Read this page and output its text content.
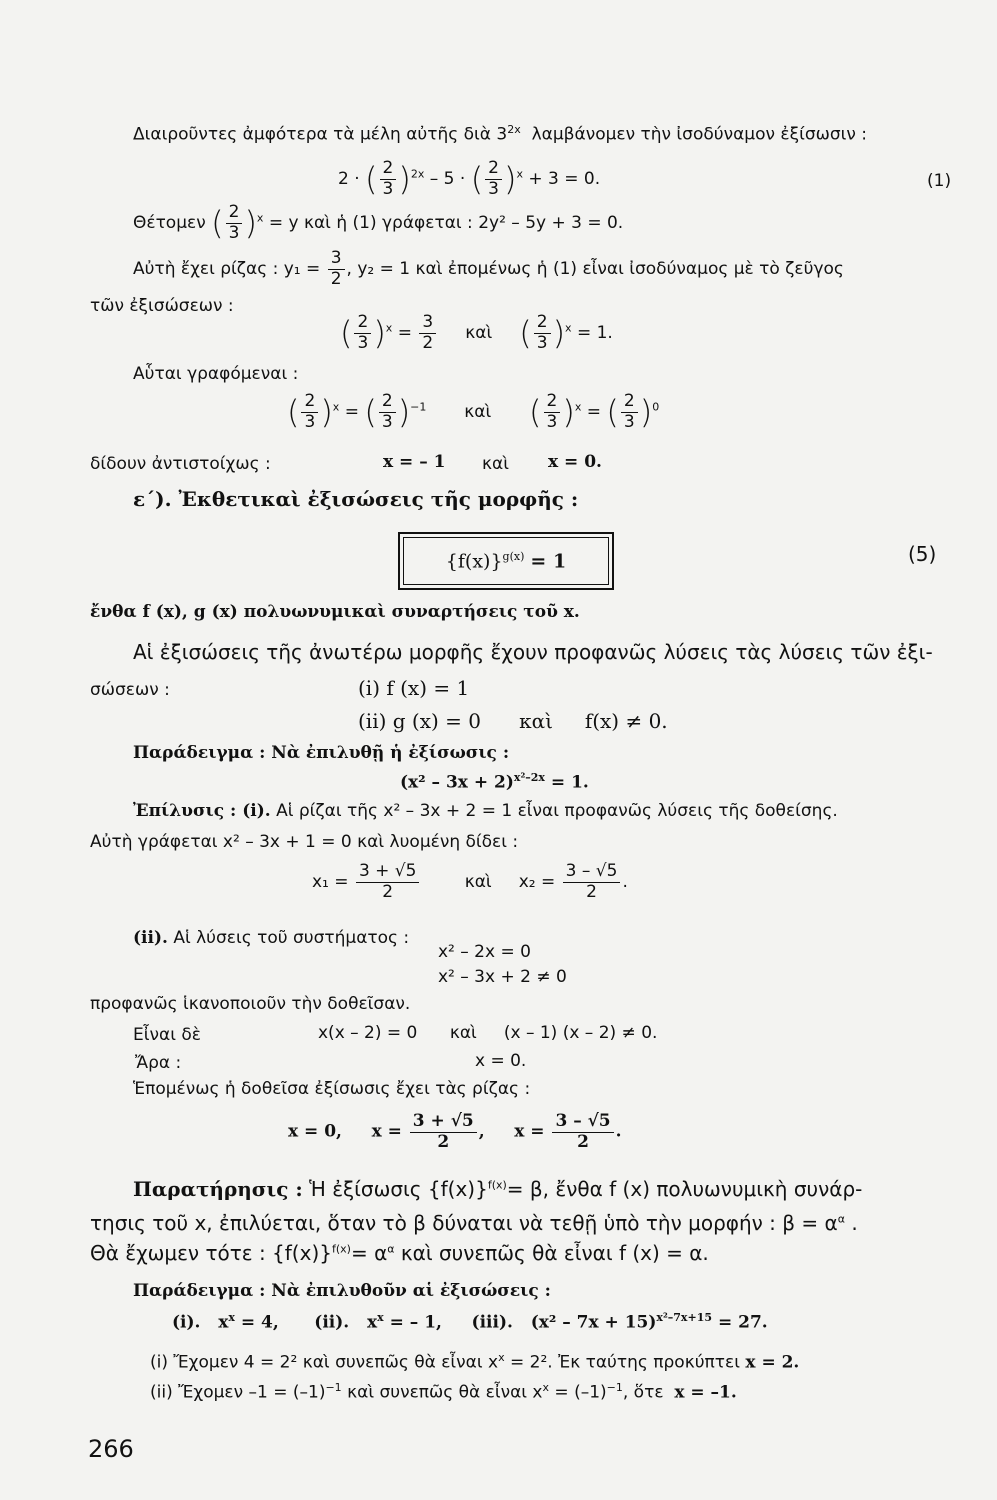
Διαιροῦντες ἀμφότερα τὰ μέλη αὐτῆς διὰ $3^{2x}$ λαμβάνομεν τὴν ἰσοδύναμον ἐξίσωσιν :
2 · ( $\frac{2}{3} )^{2x} - 5$ · ( $\frac{2}{3} )^x + 3 = 0$.	(1)
Θέτομεν ( $\frac{2}{3} )^x = y$ καὶ ἡ (1) γράφεται : 2y² – 5y + 3 = 0.
Αὐτὴ ἔχει ρίζας : $y_1 = \frac{3}{2}$ , y₂ = 1 καὶ ἐπομένως ἡ (1) εἶναι ἰσοδύναμος μὲ τὸ ζεῦγος
τῶν ἐξισώσεων :
( $\frac{2}{3} )^x = \frac{3}{2}$ καὶ ( $\frac{2}{3} )^x = 1$.
Αὗται γραφόμεναι :
( $\frac{2}{3} )^x$ = ( $\frac{2}{3} )^{-1}$ καὶ ( $\frac{2}{3} )^x$ = ( $\frac{2}{3} )^0$
δίδουν ἀντιστοίχως :	x = – 1 καὶ x = 0.
ε΄). Ἐκθετικαὶ ἐξισώσεις τῆς μορφῆς :
$\{f(x)\}^{g(x)} = 1$	(5)
ἔνθα f (x), g (x) πολυωνυμικαὶ συναρτήσεις τοῦ x.
Αἱ ἐξισώσεις τῆς ἀνωτέρω μορφῆς ἔχουν προφανῶς λύσεις τὰς λύσεις τῶν ἐξι-
σώσεων :	(i) f (x) = 1
(ii) g (x) = 0 καὶ f(x) ≠ 0.
Παράδειγμα : Νὰ ἐπιλυθῇ ἡ ἐξίσωσις :
$(x^2 - 3x + 2)^{x^2-2x} = 1$.
Ἐπίλυσις : (i). Αἱ ρίζαι τῆς x² – 3x + 2 = 1 εἶναι προφανῶς λύσεις τῆς δοθείσης.
Αὐτὴ γράφεται x² – 3x + 1 = 0 καὶ λυομένη δίδει :
$x_1 = \frac{3 + √5}{2}$	καὶ $x_2 = \frac{3 - √5}{2}$ .
(ii). Αἱ λύσεις τοῦ συστήματος :
x² – 2x = 0
x² – 3x + 2 ≠ 0
προφανῶς ἱκανοποιοῦν τὴν δοθεῖσαν.
Εἶναι δὲ	x(x – 2) = 0 καὶ (x – 1) (x – 2) ≠ 0.
Ἄρα :	x = 0.
Ἑπομένως ἡ δοθεῖσα ἐξίσωσις ἔχει τὰς ρίζας :
x = 0, $x = \frac{3 + √5}{2}$ , $x = \frac{3 - √5}{2}$ .
Παρατήρησις : Ἡ ἐξίσωσις $\{f(x)\}^{f(x)}= \beta$, ἔνθα f (x) πολυωνυμικὴ συνάρ-
τησις τοῦ x, ἐπιλύεται, ὅταν τὸ β δύναται νὰ τεθῇ ὑπὸ τὴν μορφήν : $\beta = \alpha^\alpha$ .
Θὰ ἔχωμεν τότε : $\{f(x)\}^{f(x)}= \alpha^\alpha$ καὶ συνεπῶς θὰ εἶναι f (x) = α.
Παράδειγμα : Νὰ ἐπιλυθοῦν αἱ ἐξισώσεις :
(i). $x^x = 4$, (ii). $x^x$ = – 1, (iii). $(x^2 - 7x + 15)^{x^2-7x+15} = 27$.
(i) Ἔχομεν 4 = 2² καὶ συνεπῶς θὰ εἶναι $x^x = 2^2$. Ἐκ ταύτης προκύπτει x = 2.
(ii) Ἔχομεν $-1 = (-1)^{-1}$ καὶ συνεπῶς θὰ εἶναι $x^x = (-1)^{-1}$, ὅτε x = –1.
266
